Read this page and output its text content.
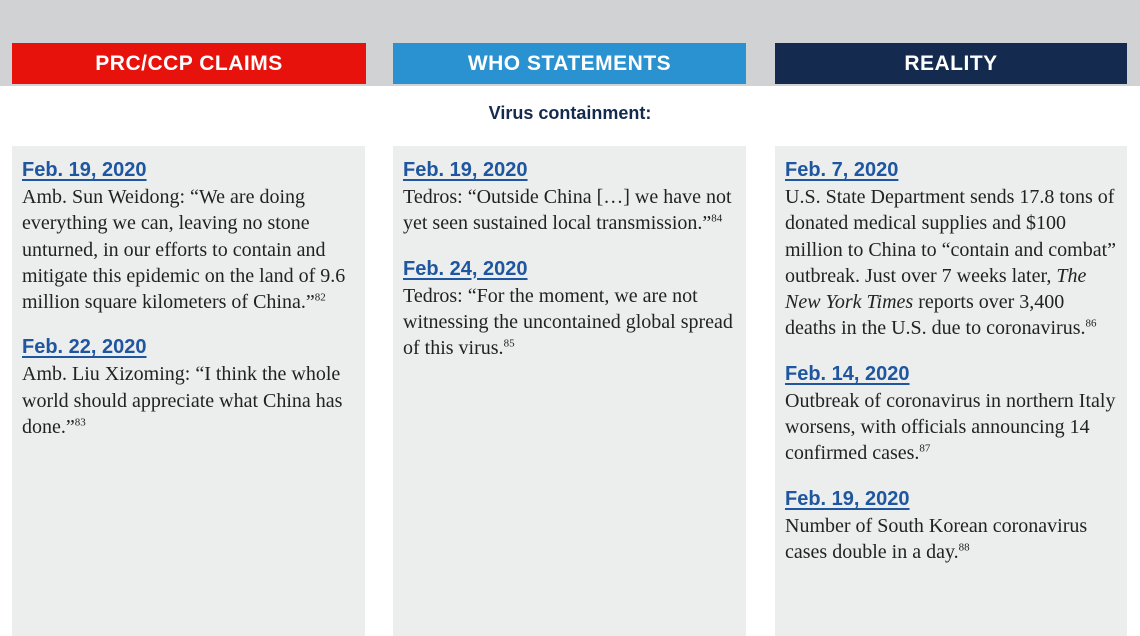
PRC/CCP CLAIMS	WHO STATEMENTS	REALITY
Virus containment:
Feb. 19, 2020
Amb. Sun Weidong: “We are doing everything we can, leaving no stone unturned, in our efforts to contain and mitigate this epidemic on the land of 9.6 million square kilometers of China.”$^{82}$
Feb. 22, 2020
Amb. Liu Xizoming: “I think the whole world should appreciate what China has done.”$^{83}$
Feb. 19, 2020
Tedros: “Outside China […] we have not yet seen sustained local transmission.”$^{84}$
Feb. 24, 2020
Tedros: “For the moment, we are not witnessing the uncontained global spread of this virus.$^{85}$
Feb. 7, 2020
U.S. State Department sends 17.8 tons of donated medical supplies and $100 million to China to “contain and combat” outbreak. Just over 7 weeks later, The New York Times reports over 3,400 deaths in the U.S. due to coronavirus.$^{86}$
Feb. 14, 2020
Outbreak of coronavirus in northern Italy worsens, with officials announcing 14 confirmed cases.$^{87}$
Feb. 19, 2020
Number of South Korean coronavirus cases double in a day.$^{88}$
